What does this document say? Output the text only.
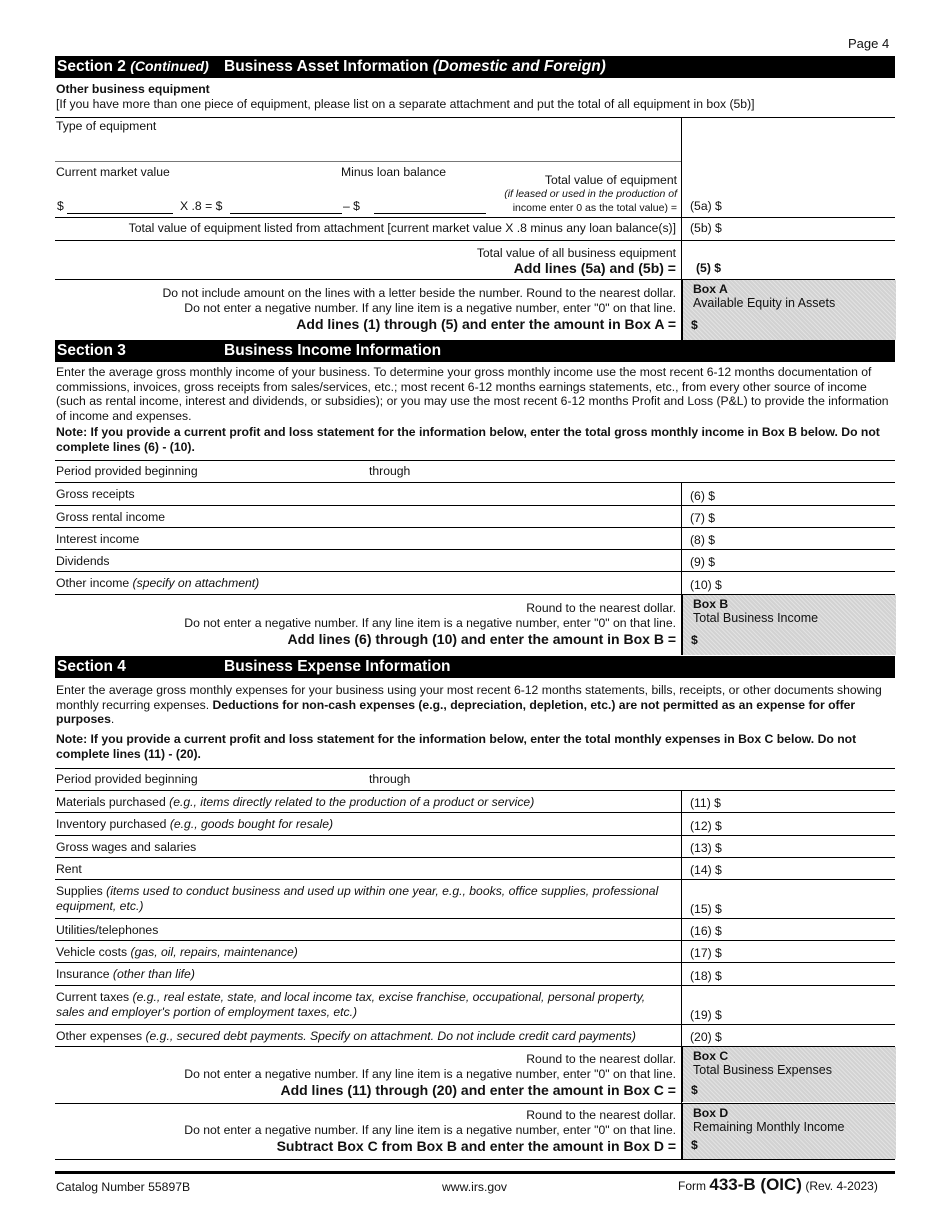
Page 4
Section 2 (Continued) Business Asset Information (Domestic and Foreign)
Other business equipment
[If you have more than one piece of equipment, please list on a separate attachment and put the total of all equipment in box (5b)]
Type of equipment
Current market value	Minus loan balance
Total value of equipment
(if leased or used in the production of
income enter 0 as the total value) =
$	X .8 = $	– $	(5a) $
Total value of equipment listed from attachment [current market value X .8 minus any loan balance(s)] (5b) $
Total value of all business equipment
Add lines (5a) and (5b) = (5) $
Do not include amount on the lines with a letter beside the number. Round to the nearest dollar.
Do not enter a negative number. If any line item is a negative number, enter "0" on that line.
Add lines (1) through (5) and enter the amount in Box A =
Box A
Available Equity in Assets
$
Section 3	Business Income Information
Enter the average gross monthly income of your business. To determine your gross monthly income use the most recent 6-12 months documentation of commissions, invoices, gross receipts from sales/services, etc.; most recent 6-12 months earnings statements, etc., from every other source of income (such as rental income, interest and dividends, or subsidies); or you may use the most recent 6-12 months Profit and Loss (P&L) to provide the information of income and expenses.
Note: If you provide a current profit and loss statement for the information below, enter the total gross monthly income in Box B below. Do not complete lines (6) - (10).
Period provided beginning	through
Gross receipts	(6) $
Gross rental income	(7) $
Interest income	(8) $
Dividends	(9) $
Other income (specify on attachment)	(10) $
Round to the nearest dollar.
Do not enter a negative number. If any line item is a negative number, enter "0" on that line.
Add lines (6) through (10) and enter the amount in Box B =
Box B
Total Business Income
$
Section 4	Business Expense Information
Enter the average gross monthly expenses for your business using your most recent 6-12 months statements, bills, receipts, or other documents showing monthly recurring expenses. Deductions for non-cash expenses (e.g., depreciation, depletion, etc.) are not permitted as an expense for offer purposes.
Note: If you provide a current profit and loss statement for the information below, enter the total monthly expenses in Box C below. Do not complete lines (11) - (20).
Period provided beginning	through
Materials purchased (e.g., items directly related to the production of a product or service)	(11) $
Inventory purchased (e.g., goods bought for resale)	(12) $
Gross wages and salaries	(13) $
Rent	(14) $
Supplies (items used to conduct business and used up within one year, e.g., books, office supplies, professional equipment, etc.)	(15) $
Utilities/telephones	(16) $
Vehicle costs (gas, oil, repairs, maintenance)	(17) $
Insurance (other than life)	(18) $
Current taxes (e.g., real estate, state, and local income tax, excise franchise, occupational, personal property, sales and employer's portion of employment taxes, etc.)	(19) $
Other expenses (e.g., secured debt payments. Specify on attachment. Do not include credit card payments)	(20) $
Round to the nearest dollar.
Do not enter a negative number. If any line item is a negative number, enter "0" on that line.
Add lines (11) through (20) and enter the amount in Box C =
Box C
Total Business Expenses
$
Round to the nearest dollar.
Do not enter a negative number. If any line item is a negative number, enter "0" on that line.
Subtract Box C from Box B and enter the amount in Box D =
Box D
Remaining Monthly Income
$
Catalog Number 55897B	www.irs.gov	Form 433-B (OIC) (Rev. 4-2023)
